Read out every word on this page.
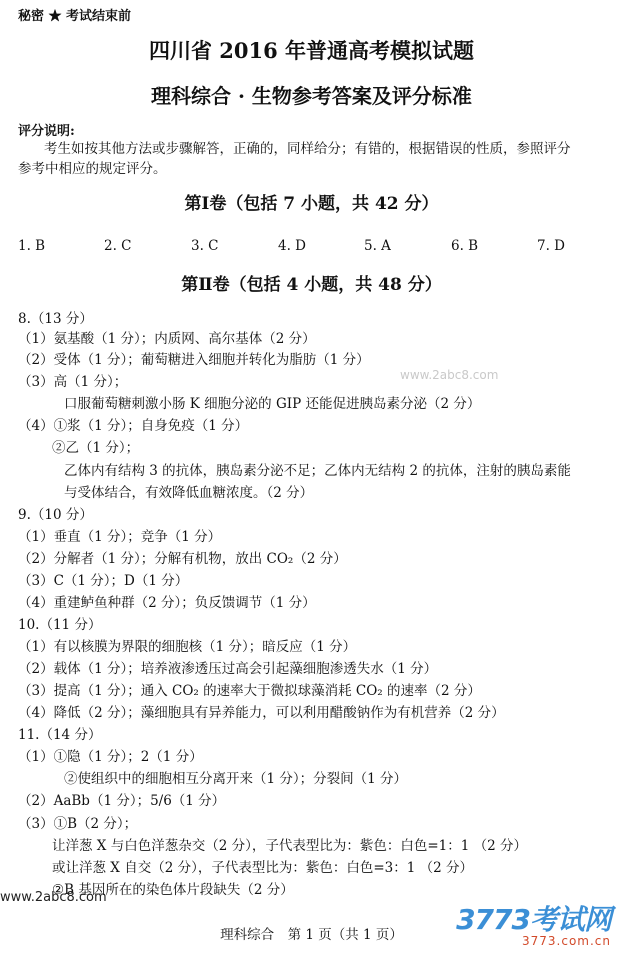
秘密 ★ 考试结束前
四川省 2016 年普通高考模拟试题
理科综合 · 生物参考答案及评分标准
评分说明:
考生如按其他方法或步骤解答，正确的，同样给分；有错的，根据错误的性质，参照评分
参考中相应的规定评分。
第Ⅰ卷（包括 7 小题，共 42 分）
1. B	2. C	3. C	4. D	5. A	6. B	7. D
第Ⅱ卷（包括 4 小题，共 48 分）
8.（13 分）
（1）氨基酸（1 分）；内质网、高尔基体（2 分）
（2）受体（1 分）；葡萄糖进入细胞并转化为脂肪（1 分）
（3）高（1 分）；
口服葡萄糖刺激小肠 K 细胞分泌的 GIP 还能促进胰岛素分泌（2 分）
（4）①浆（1 分）；自身免疫（1 分）
②乙（1 分）；
乙体内有结构 3 的抗体，胰岛素分泌不足；乙体内无结构 2 的抗体，注射的胰岛素能
与受体结合，有效降低血糖浓度。（2 分）
9.（10 分）
（1）垂直（1 分）；竞争（1 分）
（2）分解者（1 分）；分解有机物，放出 CO₂（2 分）
（3）C（1 分）；D（1 分）
（4）重建鲈鱼种群（2 分）；负反馈调节（1 分）
10.（11 分）
（1）有以核膜为界限的细胞核（1 分）；暗反应（1 分）
（2）载体（1 分）；培养液渗透压过高会引起藻细胞渗透失水（1 分）
（3）提高（1 分）；通入 CO₂ 的速率大于微拟球藻消耗 CO₂ 的速率（2 分）
（4）降低（2 分）；藻细胞具有异养能力，可以利用醋酸钠作为有机营养（2 分）
11.（14 分）
（1）①隐（1 分）；2（1 分）
②使组织中的细胞相互分离开来（1 分）；分裂间（1 分）
（2）AaBb（1 分）；5/6（1 分）
（3）①B（2 分）；
让洋葱 X 与白色洋葱杂交（2 分），子代表型比为：紫色：白色=1：1 （2 分）
或让洋葱 X 自交（2 分），子代表型比为：紫色：白色=3：1 （2 分）
②B 基因所在的染色体片段缺失（2 分）
www.2abc8.com
www.2abc8.com
理科综合　第 1 页（共 1 页）	3773考试网
3773.com.cn
